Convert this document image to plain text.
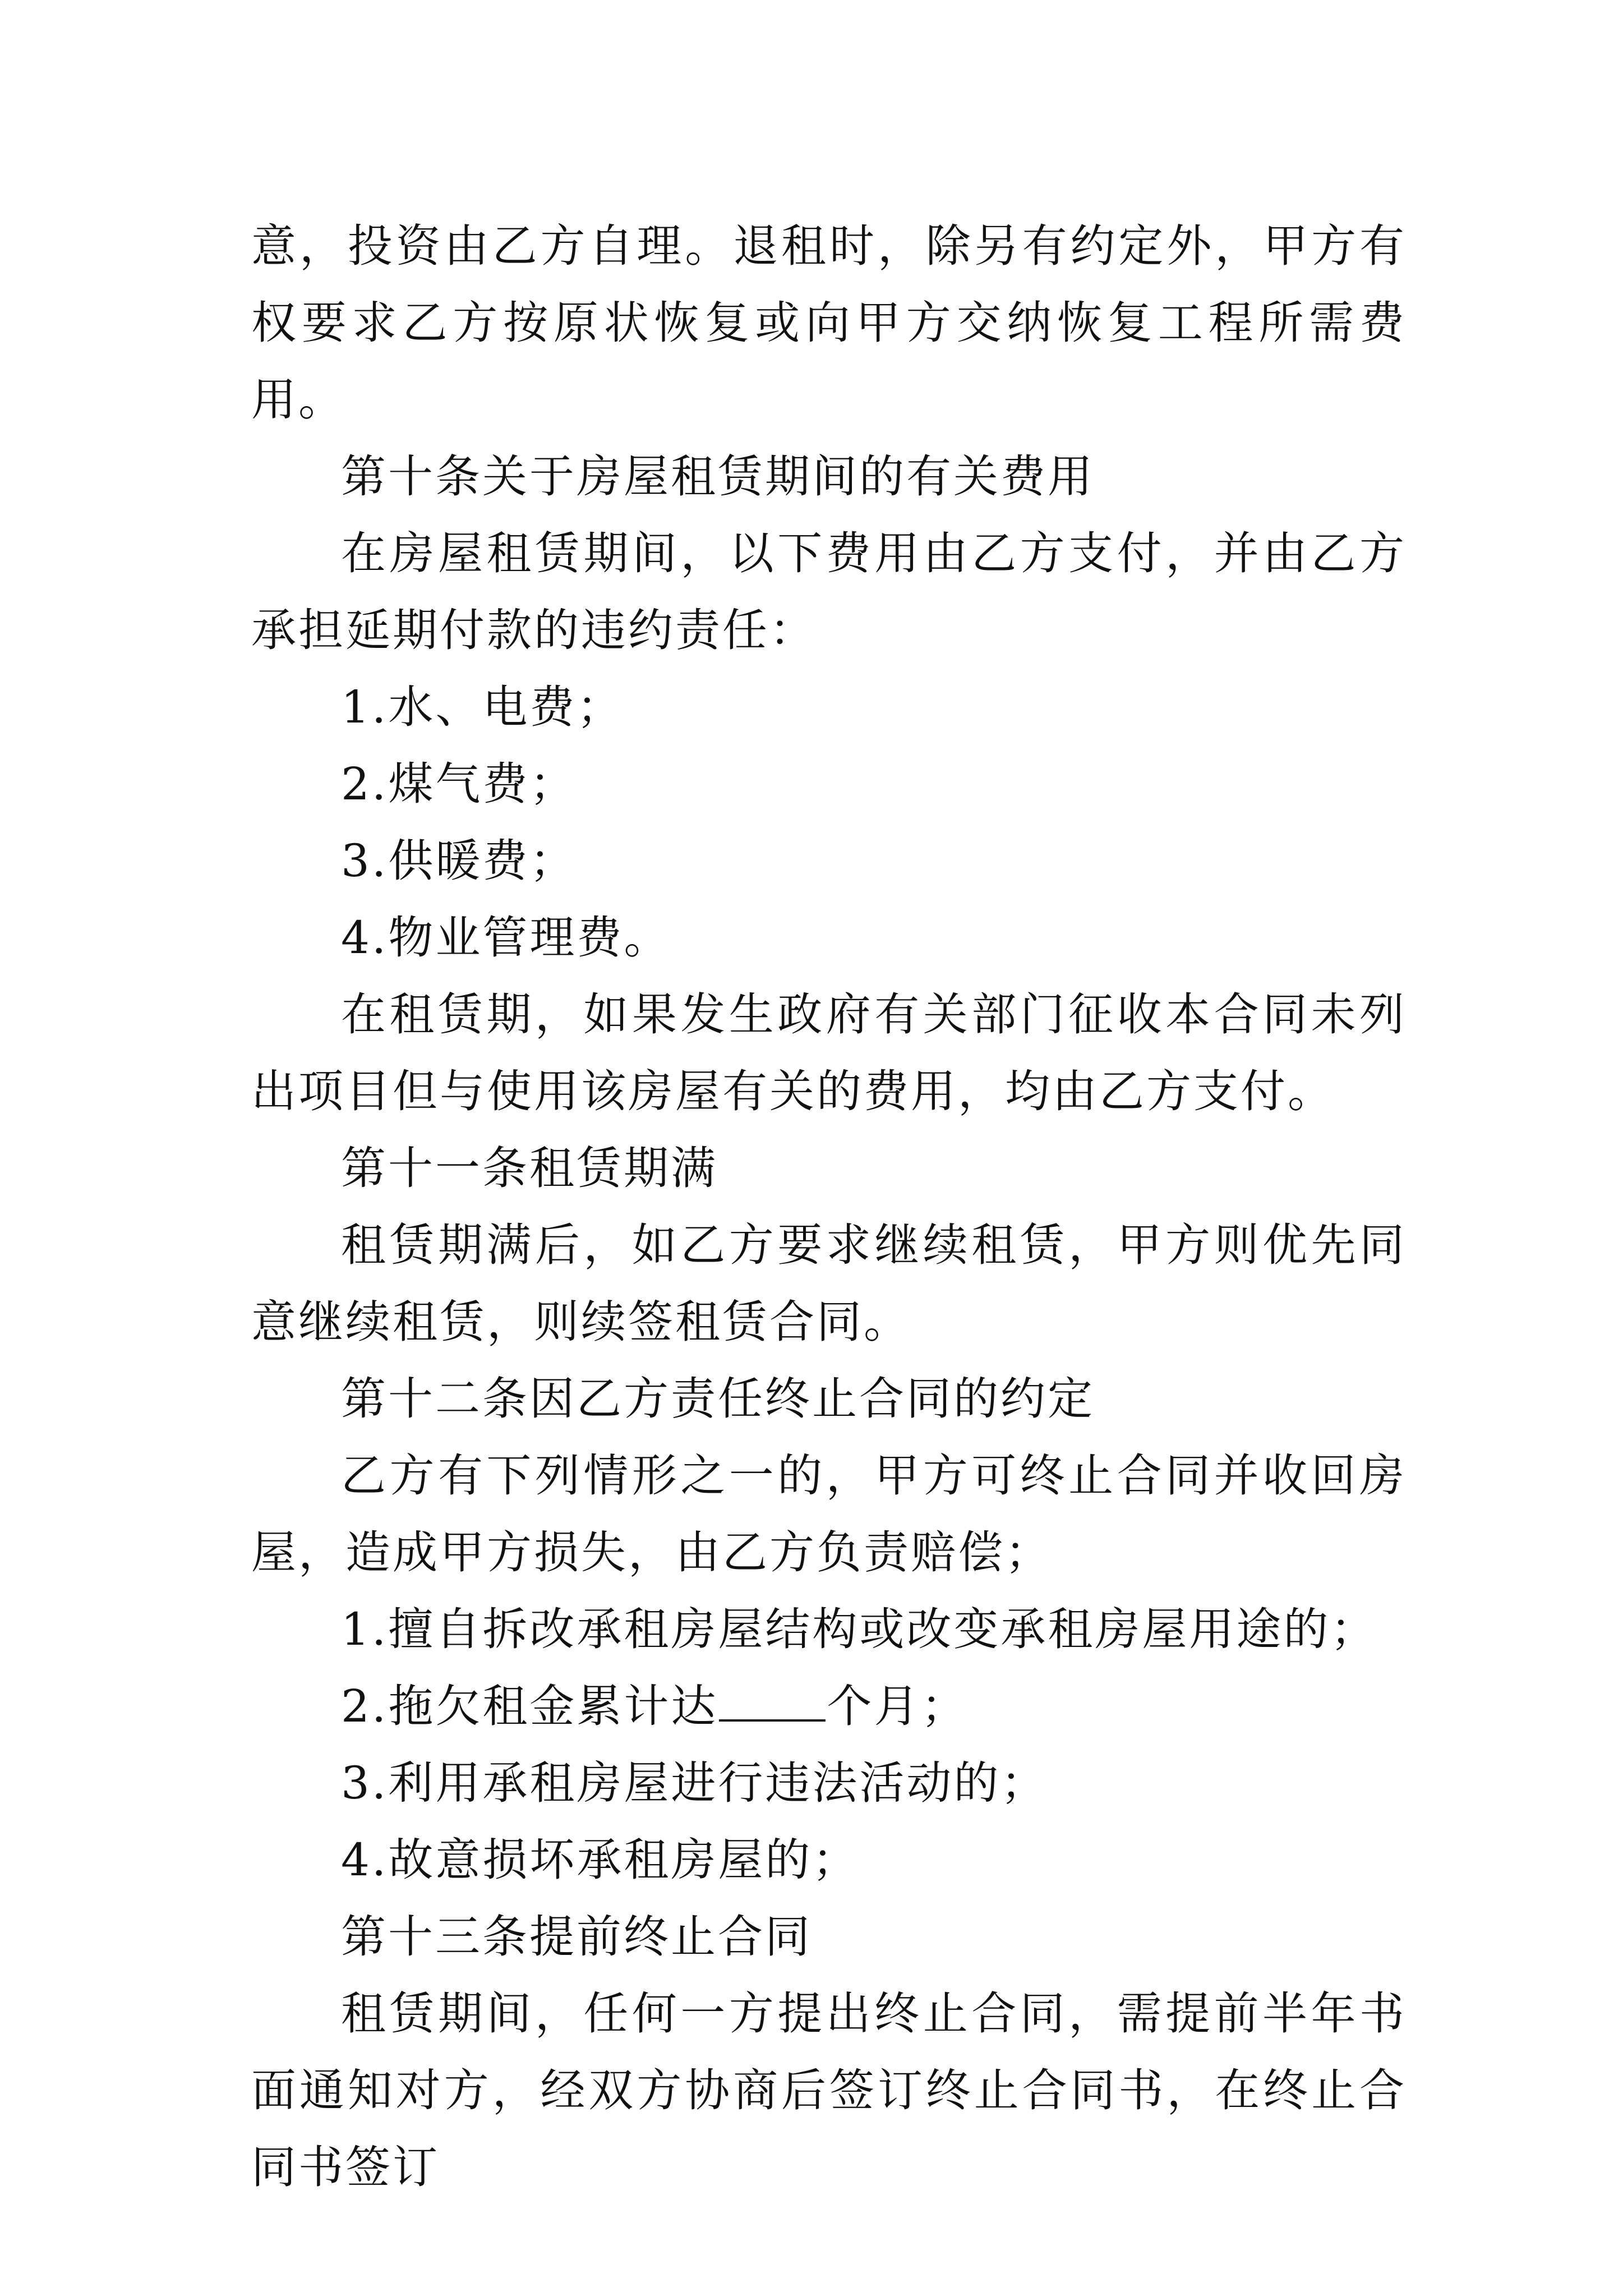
意，投资由乙方自理。退租时，除另有约定外，甲方有权要求乙方按原状恢复或向甲方交纳恢复工程所需费用。

第十条关于房屋租赁期间的有关费用

在房屋租赁期间，以下费用由乙方支付，并由乙方承担延期付款的违约责任：

1.水、电费；

2.煤气费；

3.供暖费；

4.物业管理费。

在租赁期，如果发生政府有关部门征收本合同未列出项目但与使用该房屋有关的费用，均由乙方支付。

第十一条租赁期满

租赁期满后，如乙方要求继续租赁，甲方则优先同意继续租赁，则续签租赁合同。

第十二条因乙方责任终止合同的约定

乙方有下列情形之一的，甲方可终止合同并收回房屋，造成甲方损失，由乙方负责赔偿；

1.擅自拆改承租房屋结构或改变承租房屋用途的；

2.拖欠租金累计达 个月；

3.利用承租房屋进行违法活动的；

4.故意损坏承租房屋的；

第十三条提前终止合同

租赁期间，任何一方提出终止合同，需提前半年书面通知对方，经双方协商后签订终止合同书，在终止合同书签订
